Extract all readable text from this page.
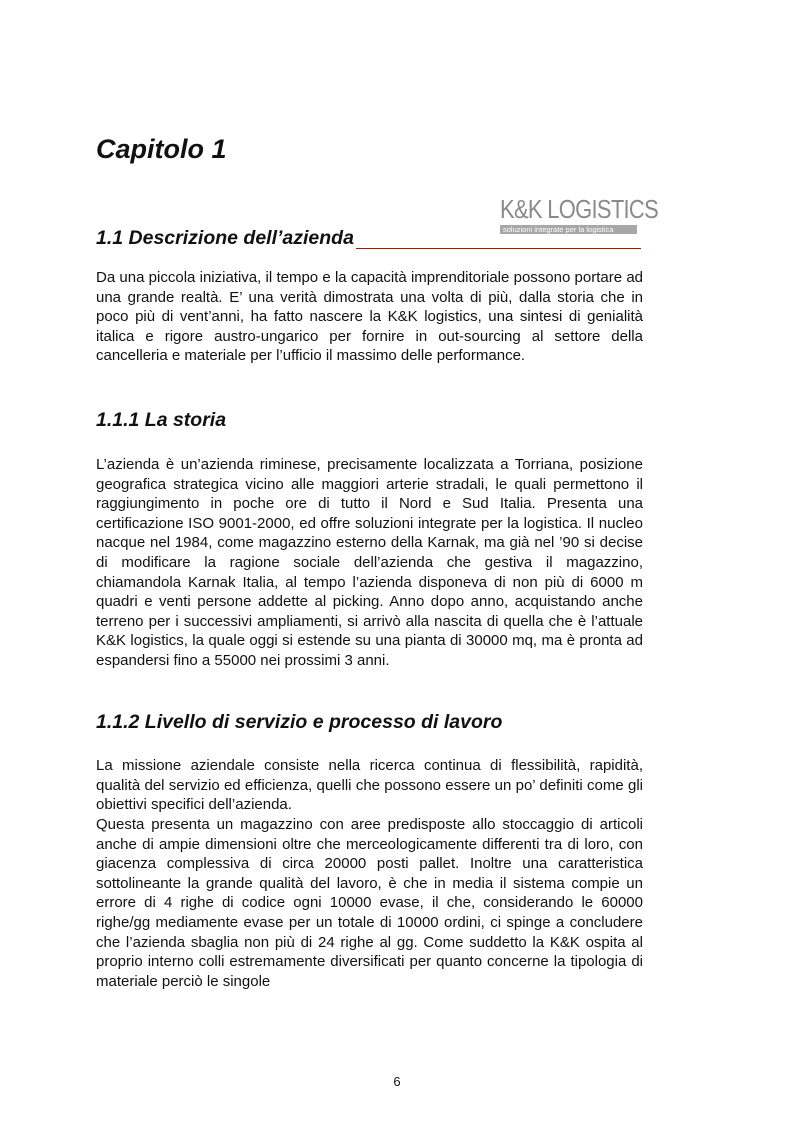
Capitolo 1
K&K LOGISTICS
soluzioni integrate per la logistica
1.1 Descrizione dell’azienda

Da una piccola iniziativa, il tempo e la capacità imprenditoriale possono portare ad una grande realtà. E’ una verità dimostrata una volta di più, dalla storia che in poco più di vent’anni, ha fatto nascere la K&K logistics, una sintesi di genialità italica e rigore austro-ungarico per fornire in out-sourcing al settore della cancelleria e materiale per l’ufficio il massimo delle performance.

1.1.1 La storia

L’azienda è un’azienda riminese, precisamente localizzata a Torriana, posizione geografica strategica vicino alle maggiori arterie stradali, le quali permettono il raggiungimento in poche ore di tutto il Nord e Sud Italia. Presenta una certificazione ISO 9001-2000, ed offre soluzioni integrate per la logistica. Il nucleo nacque nel 1984, come magazzino esterno della Karnak, ma già nel ’90 si decise di modificare la ragione sociale dell’azienda che gestiva il magazzino, chiamandola Karnak Italia, al tempo l’azienda disponeva di non più di 6000 m quadri e venti persone addette al picking. Anno dopo anno, acquistando anche terreno per i successivi ampliamenti, si arrivò alla nascita di quella che è l’attuale K&K logistics, la quale oggi si estende su una pianta di 30000 mq, ma è pronta ad espandersi fino a 55000 nei prossimi 3 anni.

1.1.2 Livello di servizio e processo di lavoro

La missione aziendale consiste nella ricerca continua di flessibilità, rapidità, qualità del servizio ed efficienza, quelli che possono essere un po’ definiti come gli obiettivi specifici dell’azienda.

Questa presenta un magazzino con aree predisposte allo stoccaggio di articoli anche di ampie dimensioni oltre che merceologicamente differenti tra di loro, con giacenza complessiva di circa 20000 posti pallet. Inoltre una caratteristica sottolineante la grande qualità del lavoro, è che in media il sistema compie un errore di 4 righe di codice ogni 10000 evase, il che, considerando le 60000 righe/gg mediamente evase per un totale di 10000 ordini, ci spinge a concludere che l’azienda sbaglia non più di 24 righe al gg. Come suddetto la K&K ospita al proprio interno colli estremamente diversificati per quanto concerne la tipologia di materiale perciò le singole

6
